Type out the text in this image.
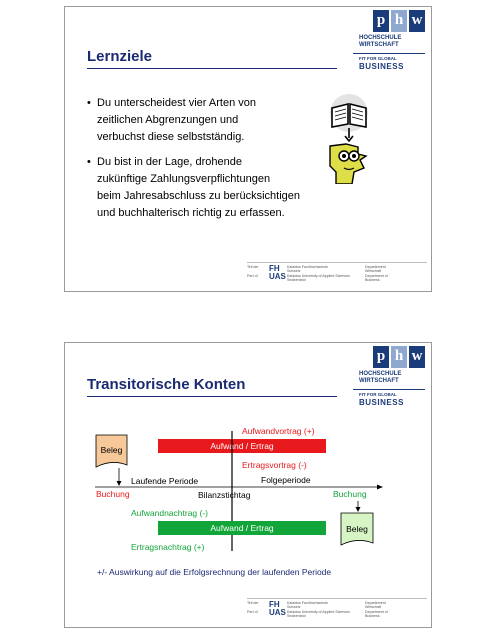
Lernziele
p h w
HOCHSCHULE
WIRTSCHAFT
FIT FOR GLOBAL
BUSINESS
• Du unterscheidest vier Arten von
zeitlichen Abgrenzungen und
verbuchst diese selbstständig.
• Du bist in der Lage, drohende
zukünftige Zahlungsverpflichtungen
beim Jahresabschluss zu berücksichtigen
und buchhalterisch richtig zu erfassen.
Teil der
Part of
FH
UAS
Kalaidos Fachhochschule
Schweiz
Kalaidos University of Applied Sciences
Switzerland
Departement
Wirtschaft
Department of
Business
Transitorische Konten
p h w
HOCHSCHULE
WIRTSCHAFT
FIT FOR GLOBAL
BUSINESS
Beleg
Aufwandvortrag (+)
Aufwand / Ertrag
Ertragsvortrag (-)
Laufende Periode	Folgeperiode
Buchung	Bilanzstichtag	Buchung
Aufwandnachtrag (-)
Aufwand / Ertrag
Ertragsnachtrag (+)
Beleg
+/- Auswirkung auf die Erfolgsrechnung der laufenden Periode
Teil der
Part of
FH
UAS
Kalaidos Fachhochschule
Schweiz
Kalaidos University of Applied Sciences
Switzerland
Departement
Wirtschaft
Department of
Business
